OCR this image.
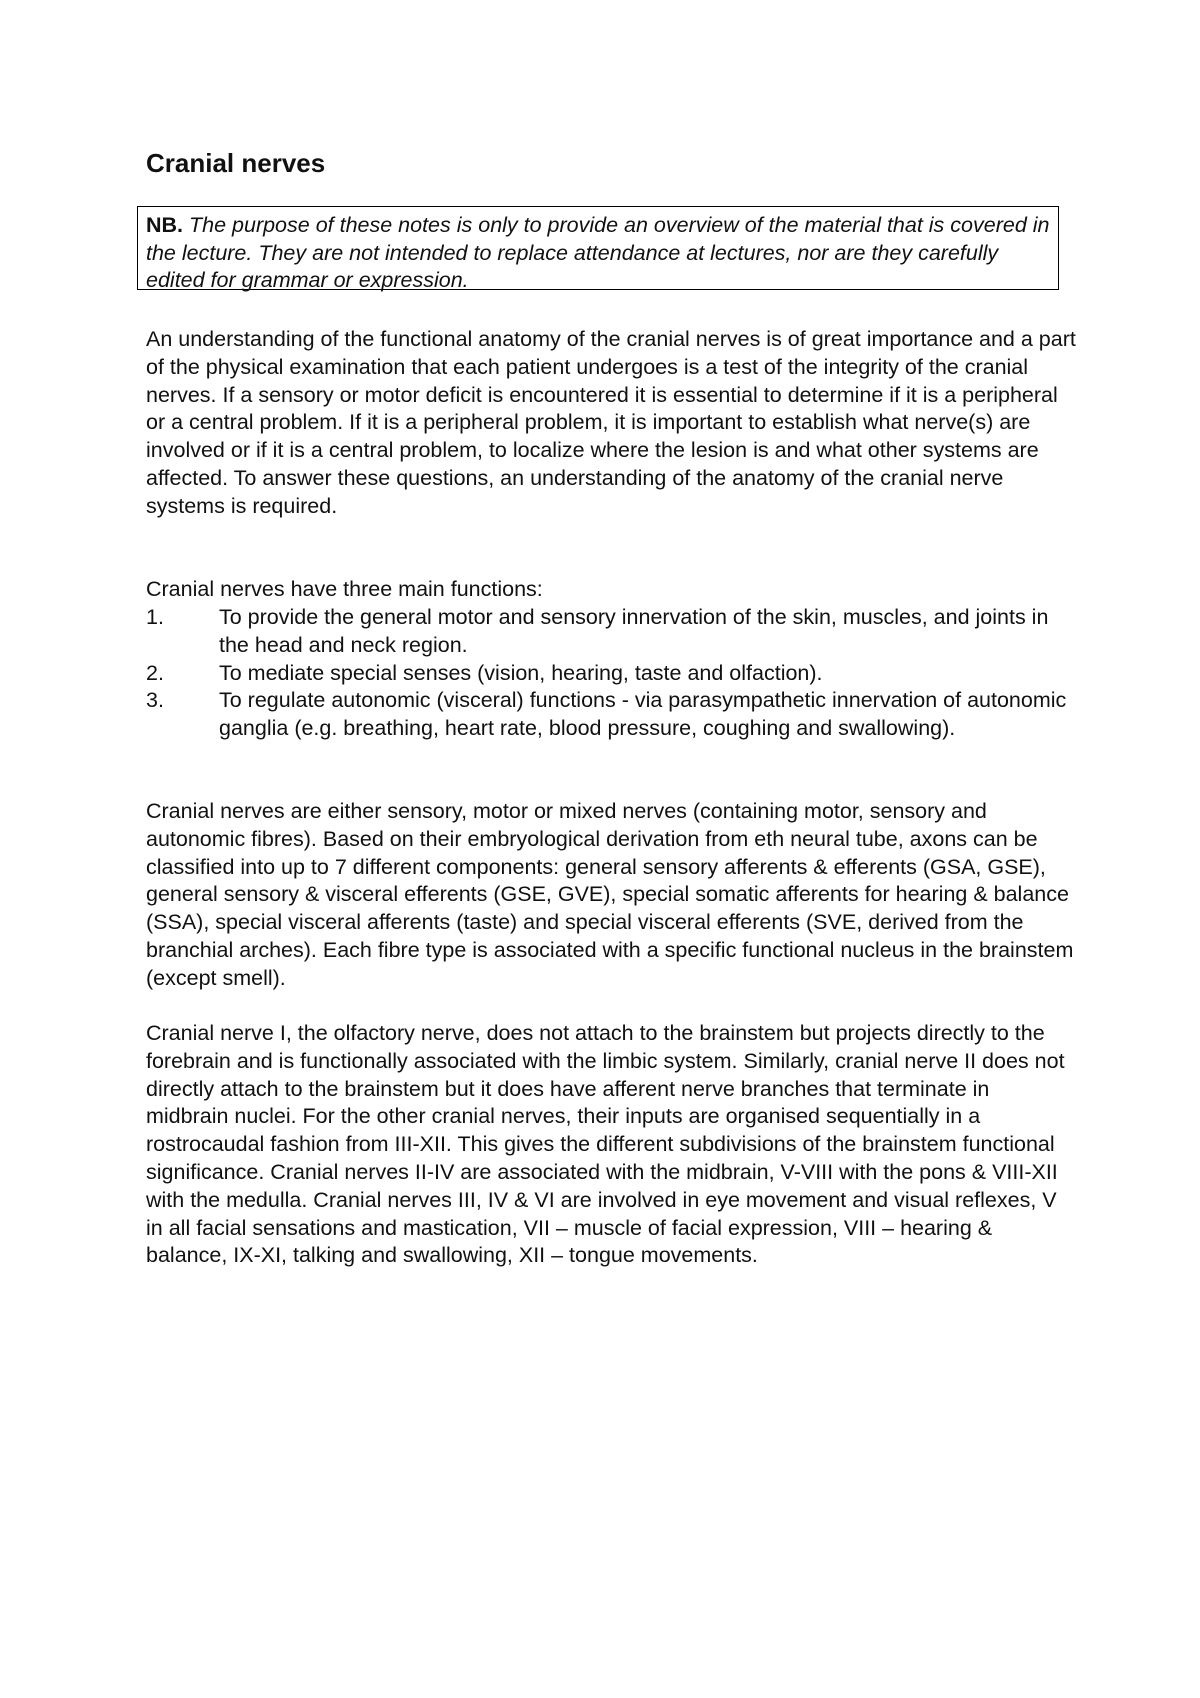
Cranial nerves
NB. The purpose of these notes is only to provide an overview of the material that is covered in the lecture. They are not intended to replace attendance at lectures, nor are they carefully edited for grammar or expression.

An understanding of the functional anatomy of the cranial nerves is of great importance and a part of the physical examination that each patient undergoes is a test of the integrity of the cranial nerves. If a sensory or motor deficit is encountered it is essential to determine if it is a peripheral or a central problem. If it is a peripheral problem, it is important to establish what nerve(s) are involved or if it is a central problem, to localize where the lesion is and what other systems are affected. To answer these questions, an understanding of the anatomy of the cranial nerve systems is required.

Cranial nerves have three main functions:

1.	To provide the general motor and sensory innervation of the skin, muscles, and joints in the head and neck region.
2.	To mediate special senses (vision, hearing, taste and olfaction).
3.	To regulate autonomic (visceral) functions - via parasympathetic innervation of autonomic ganglia (e.g. breathing, heart rate, blood pressure, coughing and swallowing).

Cranial nerves are either sensory, motor or mixed nerves (containing motor, sensory and autonomic fibres). Based on their embryological derivation from eth neural tube, axons can be classified into up to 7 different components: general sensory afferents & efferents (GSA, GSE), general sensory & visceral efferents (GSE, GVE), special somatic afferents for hearing & balance (SSA), special visceral afferents (taste) and special visceral efferents (SVE, derived from the branchial arches). Each fibre type is associated with a specific functional nucleus in the brainstem (except smell).

Cranial nerve I, the olfactory nerve, does not attach to the brainstem but projects directly to the forebrain and is functionally associated with the limbic system. Similarly, cranial nerve II does not directly attach to the brainstem but it does have afferent nerve branches that terminate in midbrain nuclei. For the other cranial nerves, their inputs are organised sequentially in a rostrocaudal fashion from III-XII. This gives the different subdivisions of the brainstem functional significance. Cranial nerves II-IV are associated with the midbrain, V-VIII with the pons & VIII-XII with the medulla. Cranial nerves III, IV & VI are involved in eye movement and visual reflexes, V in all facial sensations and mastication, VII – muscle of facial expression, VIII – hearing & balance, IX-XI, talking and swallowing, XII – tongue movements.
